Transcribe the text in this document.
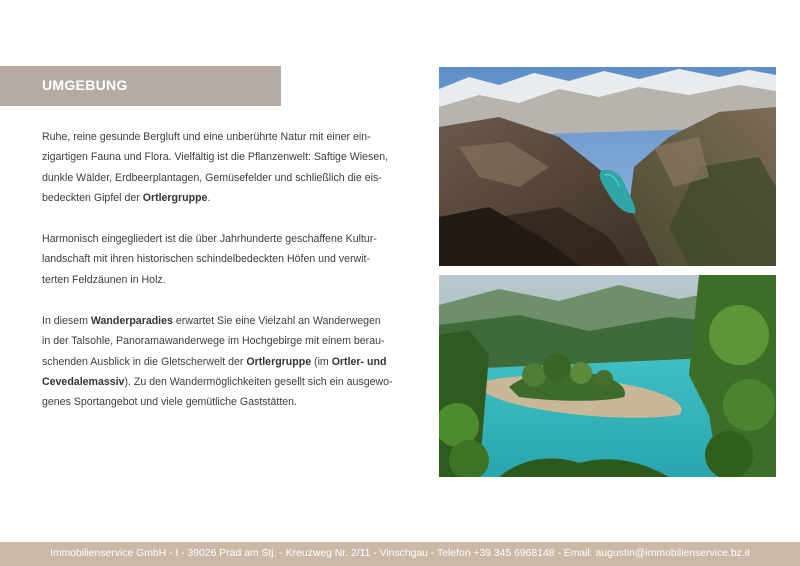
UMGEBUNG

Ruhe, reine gesunde Bergluft und eine unberührte Natur mit einer ein-
zigartigen Fauna und Flora. Vielfältig ist die Pflanzenwelt: Saftige Wiesen,
dunkle Wälder, Erdbeerplantagen, Gemüsefelder und schließlich die eis-
bedeckten Gipfel der Ortlergruppe.

Harmonisch eingegliedert ist die über Jahrhunderte geschaffene Kultur-
landschaft mit ihren historischen schindelbedeckten Höfen und verwit-
terten Feldzäunen in Holz.

In diesem Wanderparadies erwartet Sie eine Vielzahl an Wanderwegen
in der Talsohle, Panoramawanderwege im Hochgebirge mit einem berau-
schenden Ausblick in die Gletscherwelt der Ortlergruppe (im Ortler- und
Cevedalemassiv). Zu den Wandermöglichkeiten gesellt sich ein ausgewo-
genes Sportangebot und viele gemütliche Gaststätten.

Immobilienservice GmbH - I - 39026 Prad am Stj. - Kreuzweg Nr. 2/11 - Vinschgau - Telefon +39 345 6968148 - Email: augustin@immobilienservice.bz.it
